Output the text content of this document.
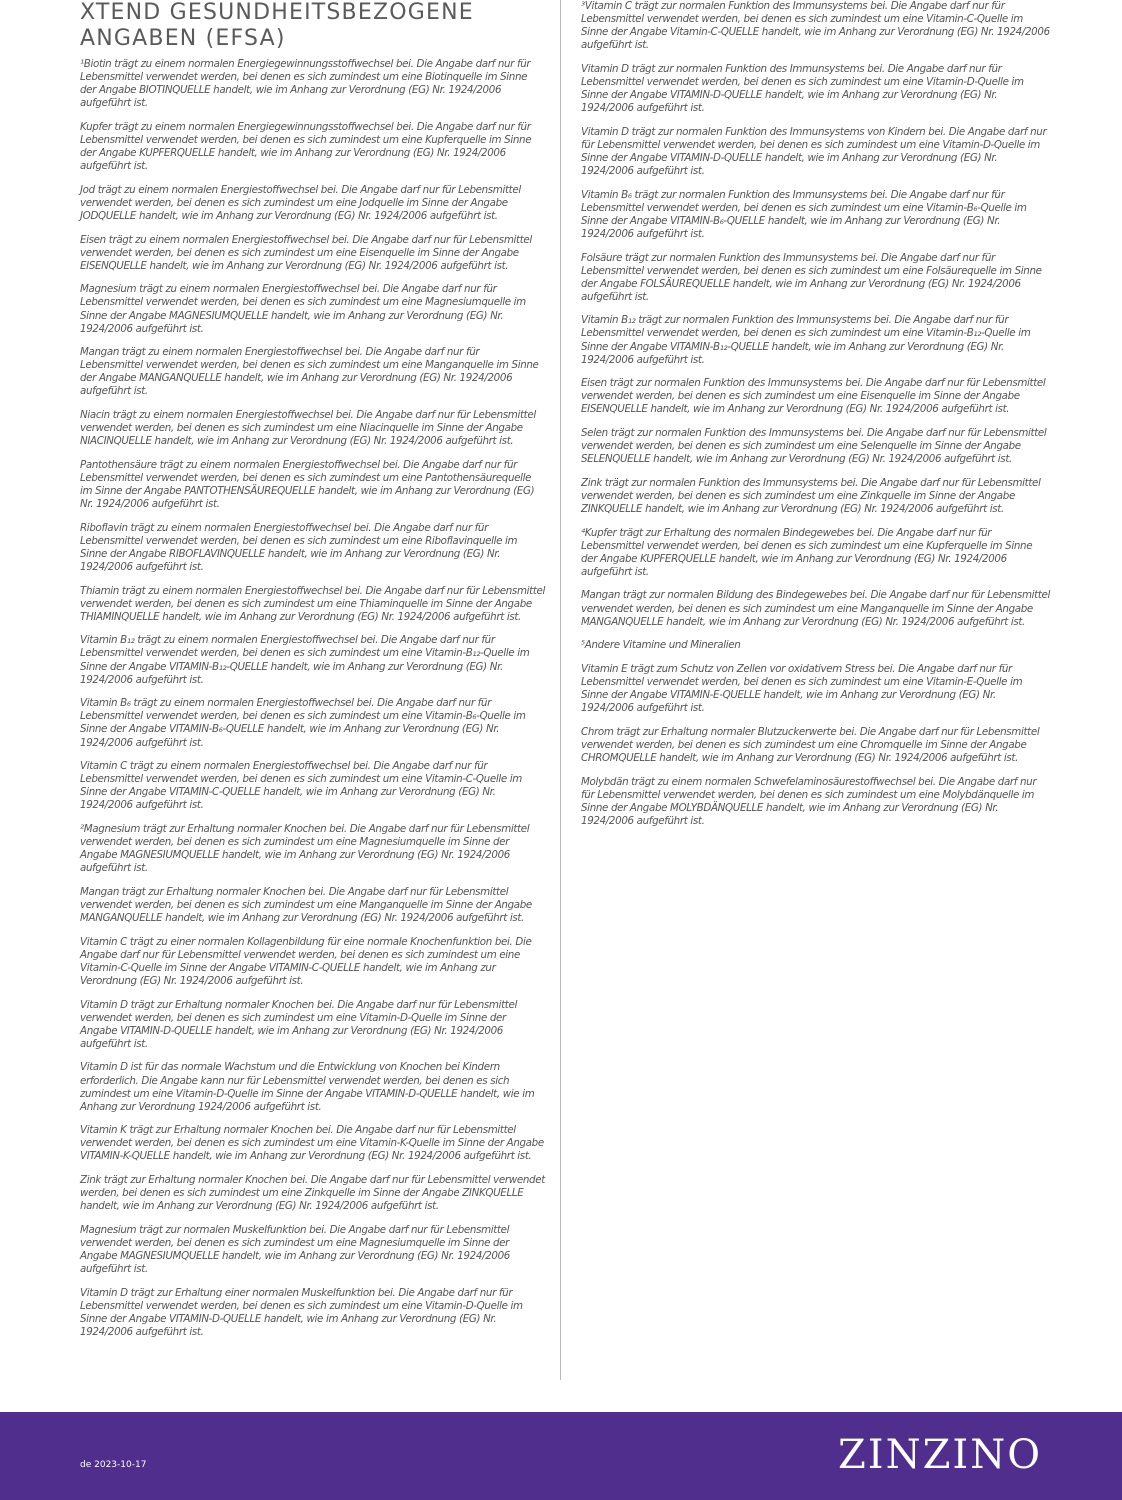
XTEND GESUNDHEITSBEZOGENE ANGABEN (EFSA)

¹Biotin trägt zu einem normalen Energiegewinnungsstoffwechsel bei. Die Angabe darf nur für Lebensmittel verwendet werden, bei denen es sich zumindest um eine Biotinquelle im Sinne der Angabe BIOTINQUELLE handelt, wie im Anhang zur Verordnung (EG) Nr. 1924/2006 aufgeführt ist.

Kupfer trägt zu einem normalen Energiegewinnungsstoffwechsel bei. Die Angabe darf nur für Lebensmittel verwendet werden, bei denen es sich zumindest um eine Kupferquelle im Sinne der Angabe KUPFERQUELLE handelt, wie im Anhang zur Verordnung (EG) Nr. 1924/2006 aufgeführt ist.

Jod trägt zu einem normalen Energiestoffwechsel bei. Die Angabe darf nur für Lebensmittel verwendet werden, bei denen es sich zumindest um eine Jodquelle im Sinne der Angabe JODQUELLE handelt, wie im Anhang zur Verordnung (EG) Nr. 1924/2006 aufgeführt ist.

Eisen trägt zu einem normalen Energiestoffwechsel bei. Die Angabe darf nur für Lebensmittel verwendet werden, bei denen es sich zumindest um eine Eisenquelle im Sinne der Angabe EISENQUELLE handelt, wie im Anhang zur Verordnung (EG) Nr. 1924/2006 aufgeführt ist.

Magnesium trägt zu einem normalen Energiestoffwechsel bei. Die Angabe darf nur für Lebensmittel verwendet werden, bei denen es sich zumindest um eine Magnesiumquelle im Sinne der Angabe MAGNESIUMQUELLE handelt, wie im Anhang zur Verordnung (EG) Nr. 1924/2006 aufgeführt ist.

Mangan trägt zu einem normalen Energiestoffwechsel bei. Die Angabe darf nur für Lebensmittel verwendet werden, bei denen es sich zumindest um eine Manganquelle im Sinne der Angabe MANGANQUELLE handelt, wie im Anhang zur Verordnung (EG) Nr. 1924/2006 aufgeführt ist.

Niacin trägt zu einem normalen Energiestoffwechsel bei. Die Angabe darf nur für Lebensmittel verwendet werden, bei denen es sich zumindest um eine Niacinquelle im Sinne der Angabe NIACINQUELLE handelt, wie im Anhang zur Verordnung (EG) Nr. 1924/2006 aufgeführt ist.

Pantothensäure trägt zu einem normalen Energiestoffwechsel bei. Die Angabe darf nur für Lebensmittel verwendet werden, bei denen es sich zumindest um eine Pantothensäurequelle im Sinne der Angabe PANTOTHENSÄUREQUELLE handelt, wie im Anhang zur Verordnung (EG) Nr. 1924/2006 aufgeführt ist.

Riboflavin trägt zu einem normalen Energiestoffwechsel bei. Die Angabe darf nur für Lebensmittel verwendet werden, bei denen es sich zumindest um eine Riboflavinquelle im Sinne der Angabe RIBOFLAVINQUELLE handelt, wie im Anhang zur Verordnung (EG) Nr. 1924/2006 aufgeführt ist.

Thiamin trägt zu einem normalen Energiestoffwechsel bei. Die Angabe darf nur für Lebensmittel verwendet werden, bei denen es sich zumindest um eine Thiaminquelle im Sinne der Angabe THIAMINQUELLE handelt, wie im Anhang zur Verordnung (EG) Nr. 1924/2006 aufgeführt ist.

Vitamin B₁₂ trägt zu einem normalen Energiestoffwechsel bei. Die Angabe darf nur für Lebensmittel verwendet werden, bei denen es sich zumindest um eine Vitamin-B₁₂-Quelle im Sinne der Angabe VITAMIN-B₁₂-QUELLE handelt, wie im Anhang zur Verordnung (EG) Nr. 1924/2006 aufgeführt ist.

Vitamin B₆ trägt zu einem normalen Energiestoffwechsel bei. Die Angabe darf nur für Lebensmittel verwendet werden, bei denen es sich zumindest um eine Vitamin-B₆-Quelle im Sinne der Angabe VITAMIN-B₆-QUELLE handelt, wie im Anhang zur Verordnung (EG) Nr. 1924/2006 aufgeführt ist.

Vitamin C trägt zu einem normalen Energiestoffwechsel bei. Die Angabe darf nur für Lebensmittel verwendet werden, bei denen es sich zumindest um eine Vitamin-C-Quelle im Sinne der Angabe VITAMIN-C-QUELLE handelt, wie im Anhang zur Verordnung (EG) Nr. 1924/2006 aufgeführt ist.

²Magnesium trägt zur Erhaltung normaler Knochen bei. Die Angabe darf nur für Lebensmittel verwendet werden, bei denen es sich zumindest um eine Magnesiumquelle im Sinne der Angabe MAGNESIUMQUELLE handelt, wie im Anhang zur Verordnung (EG) Nr. 1924/2006 aufgeführt ist.

Mangan trägt zur Erhaltung normaler Knochen bei. Die Angabe darf nur für Lebensmittel verwendet werden, bei denen es sich zumindest um eine Manganquelle im Sinne der Angabe MANGANQUELLE handelt, wie im Anhang zur Verordnung (EG) Nr. 1924/2006 aufgeführt ist.

Vitamin C trägt zu einer normalen Kollagenbildung für eine normale Knochenfunktion bei. Die Angabe darf nur für Lebensmittel verwendet werden, bei denen es sich zumindest um eine Vitamin-C-Quelle im Sinne der Angabe VITAMIN-C-QUELLE handelt, wie im Anhang zur Verordnung (EG) Nr. 1924/2006 aufgeführt ist.

Vitamin D trägt zur Erhaltung normaler Knochen bei. Die Angabe darf nur für Lebensmittel verwendet werden, bei denen es sich zumindest um eine Vitamin-D-Quelle im Sinne der Angabe VITAMIN-D-QUELLE handelt, wie im Anhang zur Verordnung (EG) Nr. 1924/2006 aufgeführt ist.

Vitamin D ist für das normale Wachstum und die Entwicklung von Knochen bei Kindern erforderlich. Die Angabe kann nur für Lebensmittel verwendet werden, bei denen es sich zumindest um eine Vitamin-D-Quelle im Sinne der Angabe VITAMIN-D-QUELLE handelt, wie im Anhang zur Verordnung 1924/2006 aufgeführt ist.

Vitamin K trägt zur Erhaltung normaler Knochen bei. Die Angabe darf nur für Lebensmittel verwendet werden, bei denen es sich zumindest um eine Vitamin-K-Quelle im Sinne der Angabe VITAMIN-K-QUELLE handelt, wie im Anhang zur Verordnung (EG) Nr. 1924/2006 aufgeführt ist.

Zink trägt zur Erhaltung normaler Knochen bei. Die Angabe darf nur für Lebensmittel verwendet werden, bei denen es sich zumindest um eine Zinkquelle im Sinne der Angabe ZINKQUELLE handelt, wie im Anhang zur Verordnung (EG) Nr. 1924/2006 aufgeführt ist.

Magnesium trägt zur normalen Muskelfunktion bei. Die Angabe darf nur für Lebensmittel verwendet werden, bei denen es sich zumindest um eine Magnesiumquelle im Sinne der Angabe MAGNESIUMQUELLE handelt, wie im Anhang zur Verordnung (EG) Nr. 1924/2006 aufgeführt ist.

Vitamin D trägt zur Erhaltung einer normalen Muskelfunktion bei. Die Angabe darf nur für Lebensmittel verwendet werden, bei denen es sich zumindest um eine Vitamin-D-Quelle im Sinne der Angabe VITAMIN-D-QUELLE handelt, wie im Anhang zur Verordnung (EG) Nr. 1924/2006 aufgeführt ist.

³Vitamin C trägt zur normalen Funktion des Immunsystems bei. Die Angabe darf nur für Lebensmittel verwendet werden, bei denen es sich zumindest um eine Vitamin-C-Quelle im Sinne der Angabe Vitamin-C-QUELLE handelt, wie im Anhang zur Verordnung (EG) Nr. 1924/2006 aufgeführt ist.

Vitamin D trägt zur normalen Funktion des Immunsystems bei. Die Angabe darf nur für Lebensmittel verwendet werden, bei denen es sich zumindest um eine Vitamin-D-Quelle im Sinne der Angabe VITAMIN-D-QUELLE handelt, wie im Anhang zur Verordnung (EG) Nr. 1924/2006 aufgeführt ist.

Vitamin D trägt zur normalen Funktion des Immunsystems von Kindern bei. Die Angabe darf nur für Lebensmittel verwendet werden, bei denen es sich zumindest um eine Vitamin-D-Quelle im Sinne der Angabe VITAMIN-D-QUELLE handelt, wie im Anhang zur Verordnung (EG) Nr. 1924/2006 aufgeführt ist.

Vitamin B₆ trägt zur normalen Funktion des Immunsystems bei. Die Angabe darf nur für Lebensmittel verwendet werden, bei denen es sich zumindest um eine Vitamin-B₆-Quelle im Sinne der Angabe VITAMIN-B₆-QUELLE handelt, wie im Anhang zur Verordnung (EG) Nr. 1924/2006 aufgeführt ist.

Folsäure trägt zur normalen Funktion des Immunsystems bei. Die Angabe darf nur für Lebensmittel verwendet werden, bei denen es sich zumindest um eine Folsäurequelle im Sinne der Angabe FOLSÄUREQUELLE handelt, wie im Anhang zur Verordnung (EG) Nr. 1924/2006 aufgeführt ist.

Vitamin B₁₂ trägt zur normalen Funktion des Immunsystems bei. Die Angabe darf nur für Lebensmittel verwendet werden, bei denen es sich zumindest um eine Vitamin-B₁₂-Quelle im Sinne der Angabe VITAMIN-B₁₂-QUELLE handelt, wie im Anhang zur Verordnung (EG) Nr. 1924/2006 aufgeführt ist.

Eisen trägt zur normalen Funktion des Immunsystems bei. Die Angabe darf nur für Lebensmittel verwendet werden, bei denen es sich zumindest um eine Eisenquelle im Sinne der Angabe EISENQUELLE handelt, wie im Anhang zur Verordnung (EG) Nr. 1924/2006 aufgeführt ist.

Selen trägt zur normalen Funktion des Immunsystems bei. Die Angabe darf nur für Lebensmittel verwendet werden, bei denen es sich zumindest um eine Selenquelle im Sinne der Angabe SELENQUELLE handelt, wie im Anhang zur Verordnung (EG) Nr. 1924/2006 aufgeführt ist.

Zink trägt zur normalen Funktion des Immunsystems bei. Die Angabe darf nur für Lebensmittel verwendet werden, bei denen es sich zumindest um eine Zinkquelle im Sinne der Angabe ZINKQUELLE handelt, wie im Anhang zur Verordnung (EG) Nr. 1924/2006 aufgeführt ist.

⁴Kupfer trägt zur Erhaltung des normalen Bindegewebes bei. Die Angabe darf nur für Lebensmittel verwendet werden, bei denen es sich zumindest um eine Kupferquelle im Sinne der Angabe KUPFERQUELLE handelt, wie im Anhang zur Verordnung (EG) Nr. 1924/2006 aufgeführt ist.

Mangan trägt zur normalen Bildung des Bindegewebes bei. Die Angabe darf nur für Lebensmittel verwendet werden, bei denen es sich zumindest um eine Manganquelle im Sinne der Angabe MANGANQUELLE handelt, wie im Anhang zur Verordnung (EG) Nr. 1924/2006 aufgeführt ist.

⁵Andere Vitamine und Mineralien

Vitamin E trägt zum Schutz von Zellen vor oxidativem Stress bei. Die Angabe darf nur für Lebensmittel verwendet werden, bei denen es sich zumindest um eine Vitamin-E-Quelle im Sinne der Angabe VITAMIN-E-QUELLE handelt, wie im Anhang zur Verordnung (EG) Nr. 1924/2006 aufgeführt ist.

Chrom trägt zur Erhaltung normaler Blutzuckerwerte bei. Die Angabe darf nur für Lebensmittel verwendet werden, bei denen es sich zumindest um eine Chromquelle im Sinne der Angabe CHROMQUELLE handelt, wie im Anhang zur Verordnung (EG) Nr. 1924/2006 aufgeführt ist.

Molybdän trägt zu einem normalen Schwefelaminosäurestoffwechsel bei. Die Angabe darf nur für Lebensmittel verwendet werden, bei denen es sich zumindest um eine Molybdänquelle im Sinne der Angabe MOLYBDÄNQUELLE handelt, wie im Anhang zur Verordnung (EG) Nr. 1924/2006 aufgeführt ist.

de 2023-10-17	ZINZINO
